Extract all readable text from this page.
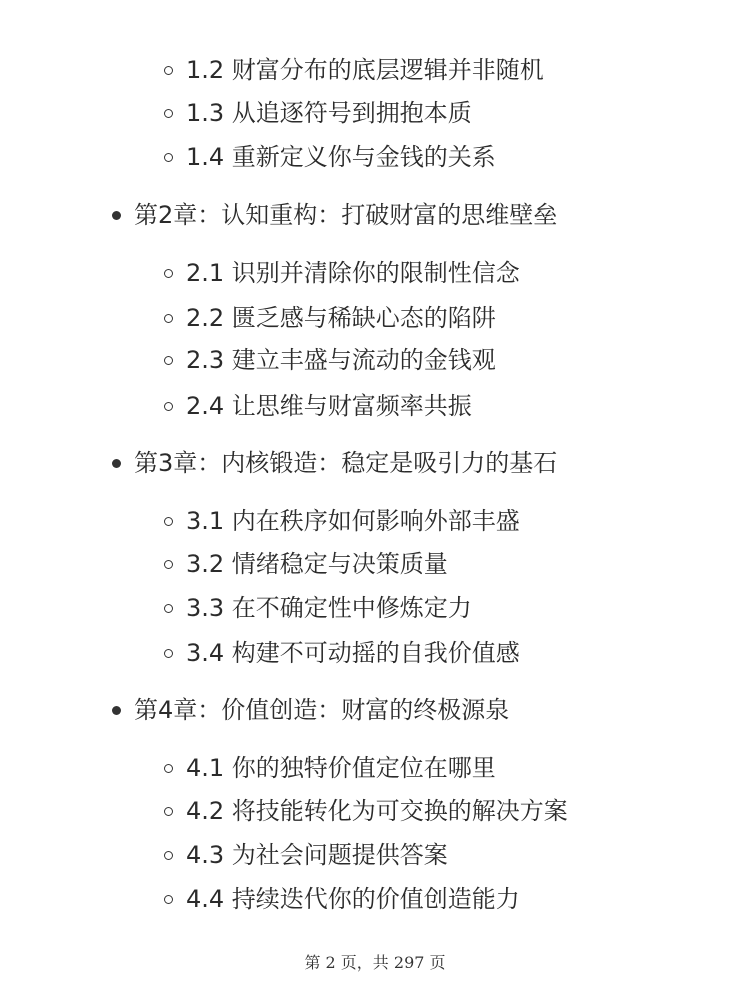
1.2 财富分布的底层逻辑并非随机
1.3 从追逐符号到拥抱本质
1.4 重新定义你与金钱的关系
第2章：认知重构：打破财富的思维壁垒
2.1 识别并清除你的限制性信念
2.2 匮乏感与稀缺心态的陷阱
2.3 建立丰盛与流动的金钱观
2.4 让思维与财富频率共振
第3章：内核锻造：稳定是吸引力的基石
3.1 内在秩序如何影响外部丰盛
3.2 情绪稳定与决策质量
3.3 在不确定性中修炼定力
3.4 构建不可动摇的自我价值感
第4章：价值创造：财富的终极源泉
4.1 你的独特价值定位在哪里
4.2 将技能转化为可交换的解决方案
4.3 为社会问题提供答案
4.4 持续迭代你的价值创造能力
第 2 页，共 297 页
